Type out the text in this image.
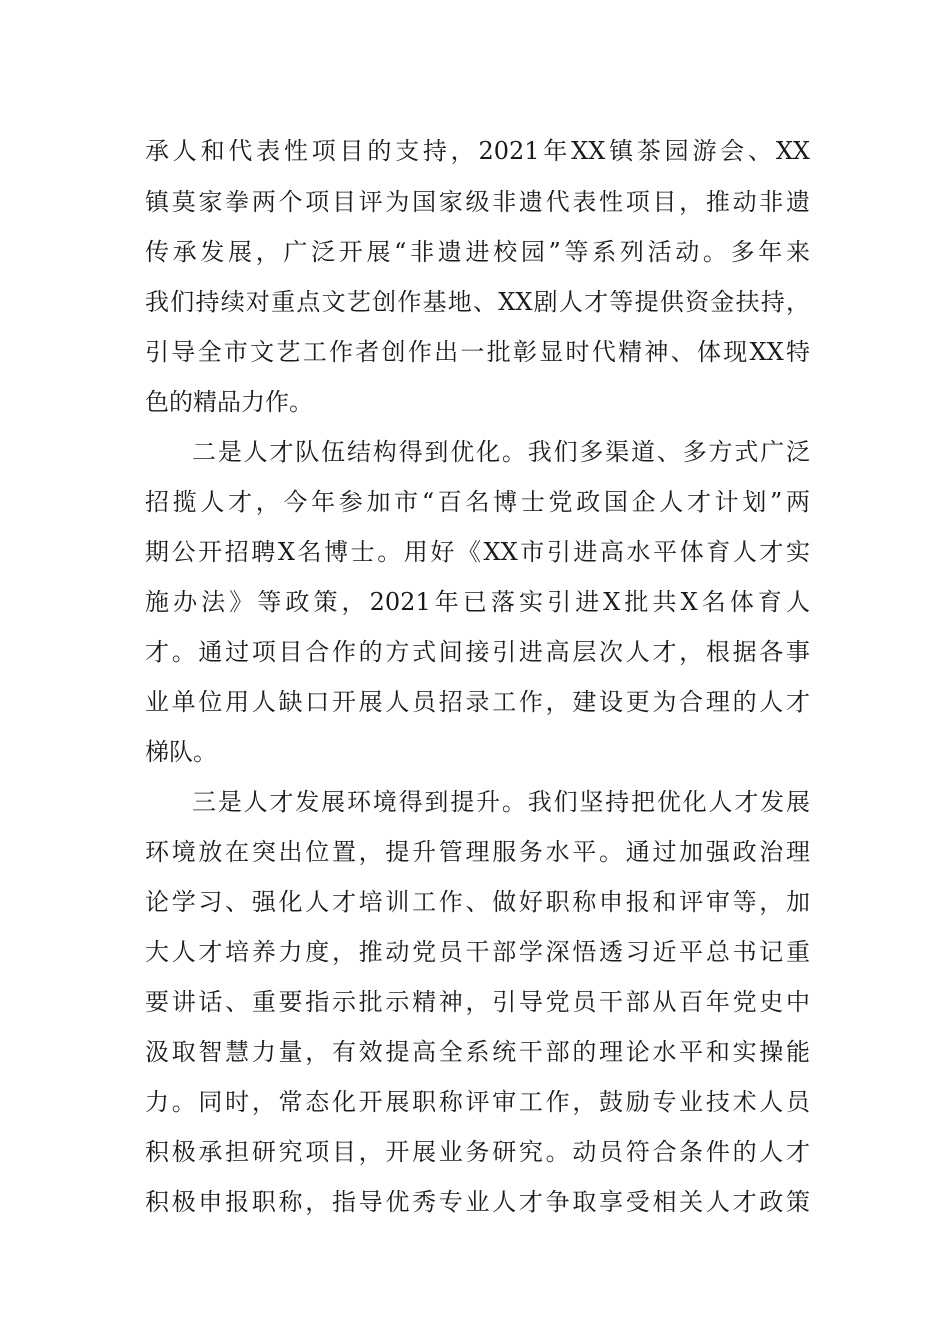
承人和代表性项目的支持，2021年XX镇茶园游会、XX
镇莫家拳两个项目评为国家级非遗代表性项目，推动非遗
传承发展，广泛开展“非遗进校园”等系列活动。多年来
我们持续对重点文艺创作基地、XX剧人才等提供资金扶持，
引导全市文艺工作者创作出一批彰显时代精神、体现XX特
色的精品力作。
二是人才队伍结构得到优化。我们多渠道、多方式广泛
招揽人才，今年参加市“百名博士党政国企人才计划”两
期公开招聘X名博士。用好《XX市引进高水平体育人才实
施办法》等政策，2021年已落实引进X批共X名体育人
才。通过项目合作的方式间接引进高层次人才，根据各事
业单位用人缺口开展人员招录工作，建设更为合理的人才
梯队。
三是人才发展环境得到提升。我们坚持把优化人才发展
环境放在突出位置，提升管理服务水平。通过加强政治理
论学习、强化人才培训工作、做好职称申报和评审等，加
大人才培养力度，推动党员干部学深悟透习近平总书记重
要讲话、重要指示批示精神，引导党员干部从百年党史中
汲取智慧力量，有效提高全系统干部的理论水平和实操能
力。同时，常态化开展职称评审工作，鼓励专业技术人员
积极承担研究项目，开展业务研究。动员符合条件的人才
积极申报职称，指导优秀专业人才争取享受相关人才政策
